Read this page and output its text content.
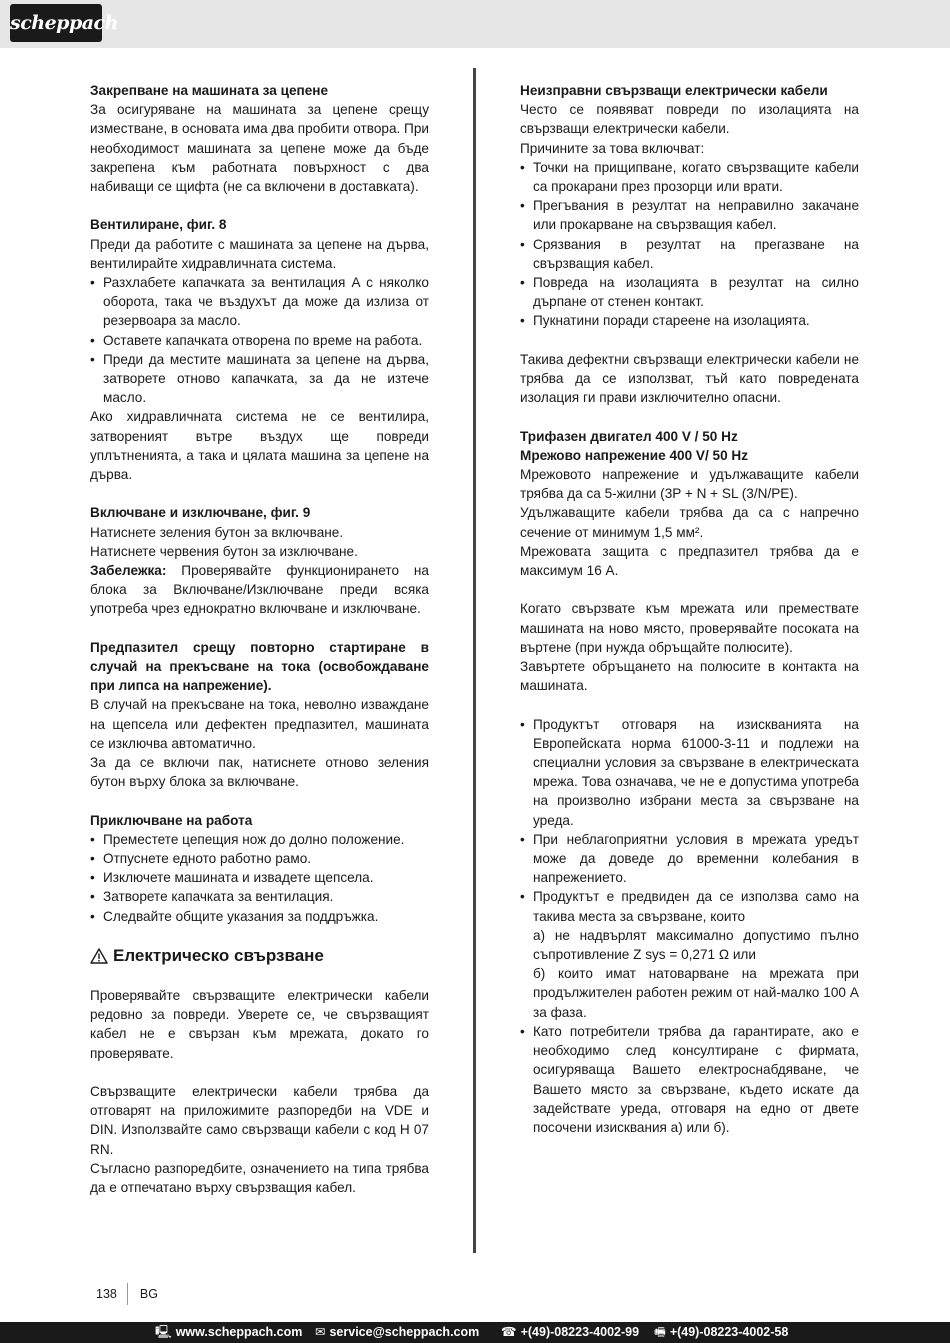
scheppach
Закрепване на машината за цепене

За осигуряване на машината за цепене срещу изместване, в основата има два пробити отвора. При необходимост машината за цепене може да бъде закрепена към работната повърхност с два набиващи се щифта (не са включени в доставката).

Вентилиране, фиг. 8

Преди да работите с машината за цепене на дърва, вентилирайте хидравличната система.

• Разхлабете капачката за вентилация A с няколко оборота, така че въздухът да може да излиза от резервоара за масло.
• Оставете капачката отворена по време на работа.
• Преди да местите машината за цепене на дърва, затворете отново капачката, за да не изтече масло.

Ако хидравличната система не се вентилира, затвореният вътре въздух ще повреди уплътненията, а така и цялата машина за цепене на дърва.

Включване и изключване, фиг. 9

Натиснете зеления бутон за включване.

Натиснете червения бутон за изключване.

Забележка: Проверявайте функционирането на блока за Включване/Изключване преди всяка употреба чрез еднократно включване и изключване.

Предпазител срещу повторно стартиране в случай на прекъсване на тока (освобождаване при липса на напрежение).

В случай на прекъсване на тока, неволно изваждане на щепсела или дефектен предпазител, машината се изключва автоматично.

За да се включи пак, натиснете отново зеления бутон върху блока за включване.

Приключване на работа
• Преместете цепещия нож до долно положение.
• Отпуснете едното работно рамо.
• Изключете машината и извадете щепсела.
• Затворете капачката за вентилация.
• Следвайте общите указания за поддръжка.
Електрическо свързване

Проверявайте свързващите електрически кабели редовно за повреди. Уверете се, че свързващият кабел не е свързан към мрежата, докато го проверявате.

Свързващите електрически кабели трябва да отговарят на приложимите разпоредби на VDE и DIN. Използвайте само свързващи кабели с код H 07 RN.

Съгласно разпоредбите, означението на типа трябва да е отпечатано върху свързващия кабел.

Неизправни свързващи електрически кабели

Често се появяват повреди по изолацията на свързващи електрически кабели.

Причините за това включват:

• Точки на прищипване, когато свързващите кабели са прокарани през прозорци или врати.
• Прегъвания в резултат на неправилно закачане или прокарване на свързващия кабел.
• Срязвания в резултат на прегазване на свързващия кабел.
• Повреда на изолацията в резултат на силно дърпане от стенен контакт.
• Пукнатини поради стареене на изолацията.

Такива дефектни свързващи електрически кабели не трябва да се използват, тъй като повредената изолация ги прави изключително опасни.

Трифазен двигател 400 V / 50 Hz
Мрежово напрежение 400 V/ 50 Hz

Мрежовото напрежение и удължаващите кабели трябва да са 5-жилни (3P + N + SL (3/N/PE).

Удължаващите кабели трябва да са с напречно сечение от минимум 1,5 мм².

Мрежовата защита с предпазител трябва да е максимум 16 A.

Когато свързвате към мрежата или премествате машината на ново място, проверявайте посоката на въртене (при нужда обръщайте полюсите).

Завъртете обръщането на полюсите в контакта на машината.

• Продуктът отговаря на изискванията на Европейската норма 61000-3-11 и подлежи на специални условия за свързване в електрическата мрежа. Това означава, че не е допустима употреба на произволно избрани места за свързване на уреда.
• При неблагоприятни условия в мрежата уредът може да доведе до временни колебания в напрежението.
• Продуктът е предвиден да се използва само на такива места за свързване, които
а) не надвърлят максимално допустимо пълно съпротивление Z sys = 0,271 Ω или
б) които имат натоварване на мрежата при продължителен работен режим от най-малко 100 A за фаза.
• Като потребители трябва да гарантирате, ако е необходимо след консултиране с фирмата, осигуряваща Вашето електроснабдяване, че Вашето място за свързване, където искате да задействате уреда, отговаря на едно от двете посочени изисквания а) или б).
138 BG
🖳 www.scheppach.com ✉ service@scheppach.com ☎ +(49)-08223-4002-99 🖷 +(49)-08223-4002-58
